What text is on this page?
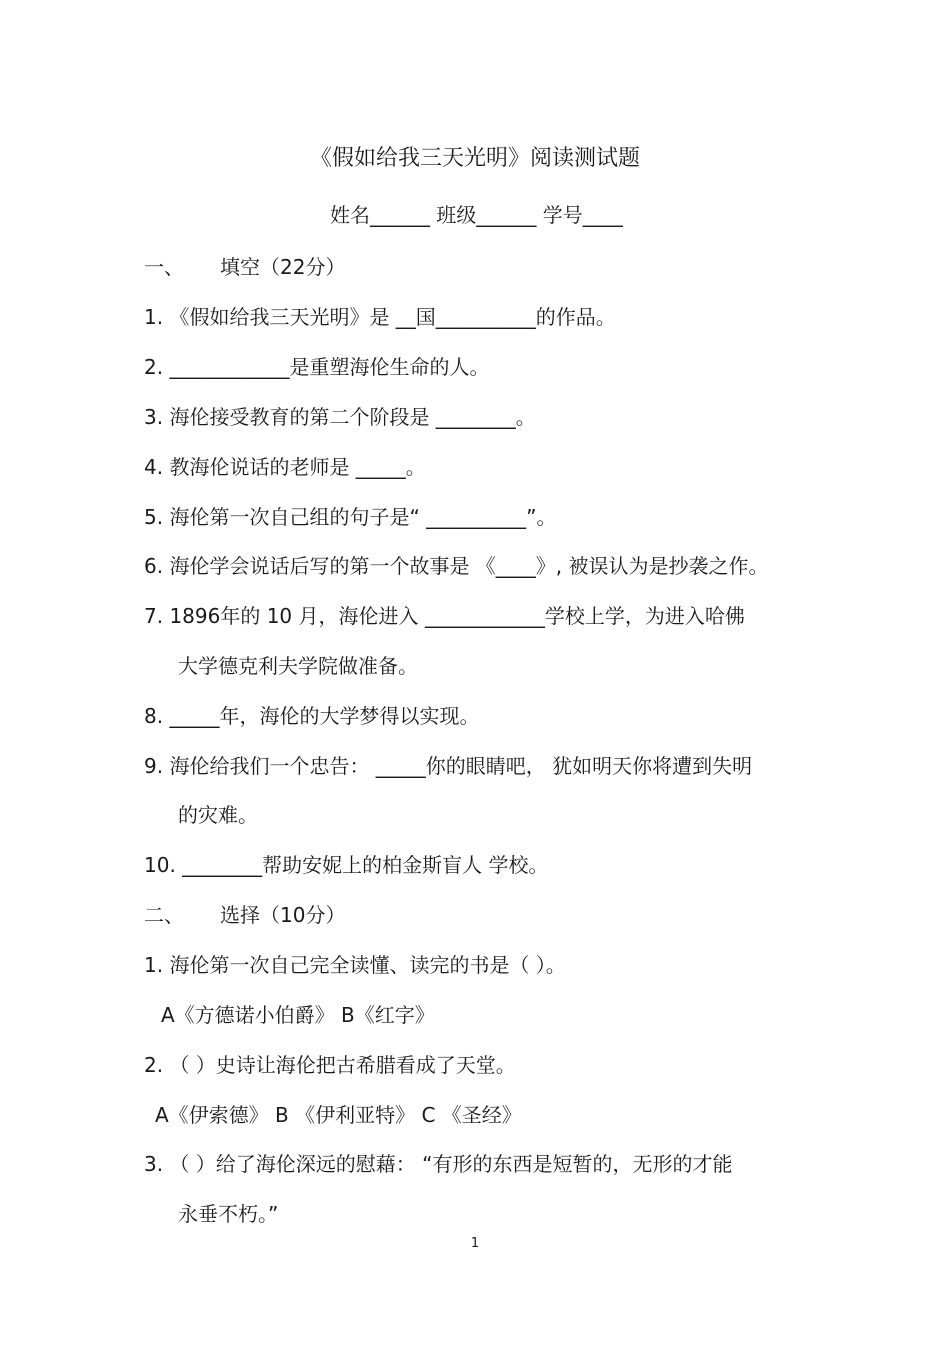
《假如给我三天光明》阅读测试题
姓名______ 班级______ 学号____
一、 填空（22分）
1. 《假如给我三天光明》是 __国__________的作品。
2. ____________是重塑海伦生命的人。
3. 海伦接受教育的第二个阶段是 ________。
4. 教海伦说话的老师是 _____。
5. 海伦第一次自己组的句子是“ __________”。
6. 海伦学会说话后写的第一个故事是 《____》, 被误认为是抄袭之作。
7. 1896年的 10 月，海伦进入 ____________学校上学，为进入哈佛
大学德克利夫学院做准备。
8. _____年，海伦的大学梦得以实现。
9. 海伦给我们一个忠告： _____你的眼睛吧， 犹如明天你将遭到失明
的灾难。
10. ________帮助安妮上的柏金斯盲人 学校。
二、 选择（10分）
1. 海伦第一次自己完全读懂、读完的书是（ ）。
A《方德诺小伯爵》 B《红字》
2. （ ）史诗让海伦把古希腊看成了天堂。
A《伊索德》 B 《伊利亚特》 C 《圣经》
3. （ ）给了海伦深远的慰藉： “有形的东西是短暂的，无形的才能
永垂不朽。”
1
